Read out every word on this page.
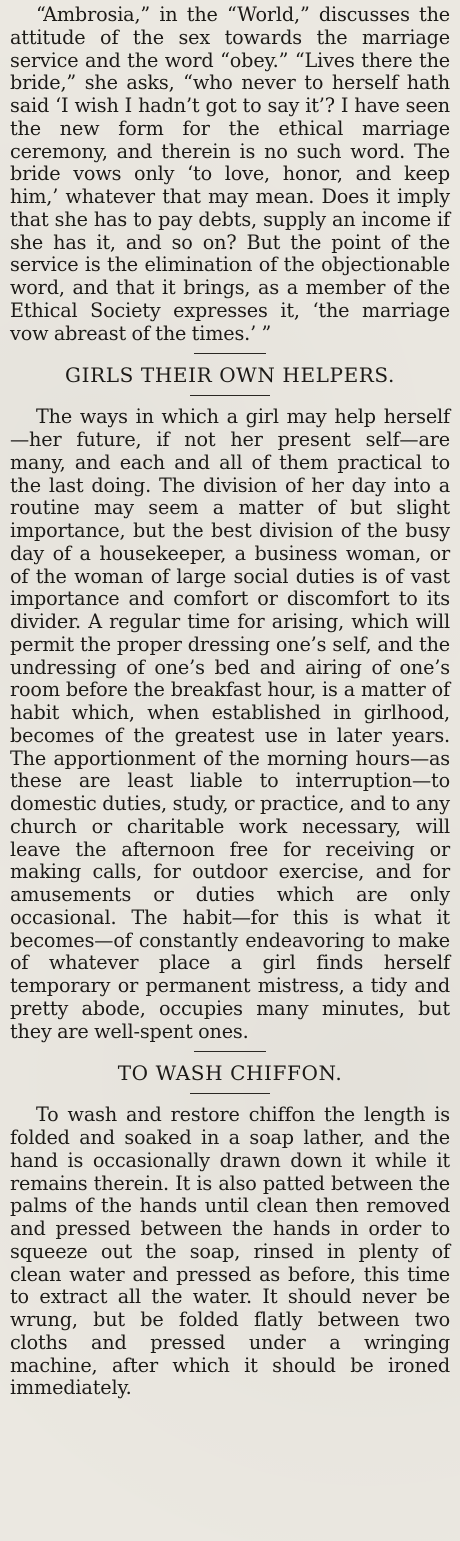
“Ambrosia,” in the “World,” discusses the attitude of the sex towards the marriage service and the word “obey.” “Lives there the bride,” she asks, “who never to herself hath said ‘I wish I hadn’t got to say it’? I have seen the new form for the ethical marriage ceremony, and therein is no such word. The bride vows only ‘to love, honor, and keep him,’ whatever that may mean. Does it imply that she has to pay debts, supply an income if she has it, and so on? But the point of the service is the elimination of the objectionable word, and that it brings, as a member of the Ethical Society expresses it, ‘the marriage vow abreast of the times.’ ”

GIRLS THEIR OWN HELPERS.

The ways in which a girl may help herself—her future, if not her present self—are many, and each and all of them practical to the last doing. The division of her day into a routine may seem a matter of but slight importance, but the best division of the busy day of a housekeeper, a business woman, or of the woman of large social duties is of vast importance and comfort or discomfort to its divider. A regular time for arising, which will permit the proper dressing one’s self, and the undressing of one’s bed and airing of one’s room before the breakfast hour, is a matter of habit which, when established in girlhood, becomes of the greatest use in later years. The apportionment of the morning hours—as these are least liable to interruption—to domestic duties, study, or practice, and to any church or charitable work necessary, will leave the afternoon free for receiving or making calls, for outdoor exercise, and for amusements or duties which are only occasional. The habit—for this is what it becomes—of constantly endeavoring to make of whatever place a girl finds herself temporary or permanent mistress, a tidy and pretty abode, occupies many minutes, but they are well-spent ones.

TO WASH CHIFFON.

To wash and restore chiffon the length is folded and soaked in a soap lather, and the hand is occasionally drawn down it while it remains therein. It is also patted between the palms of the hands until clean then removed and pressed between the hands in order to squeeze out the soap, rinsed in plenty of clean water and pressed as before, this time to extract all the water. It should never be wrung, but be folded flatly between two cloths and pressed under a wringing machine, after which it should be ironed immediately.
